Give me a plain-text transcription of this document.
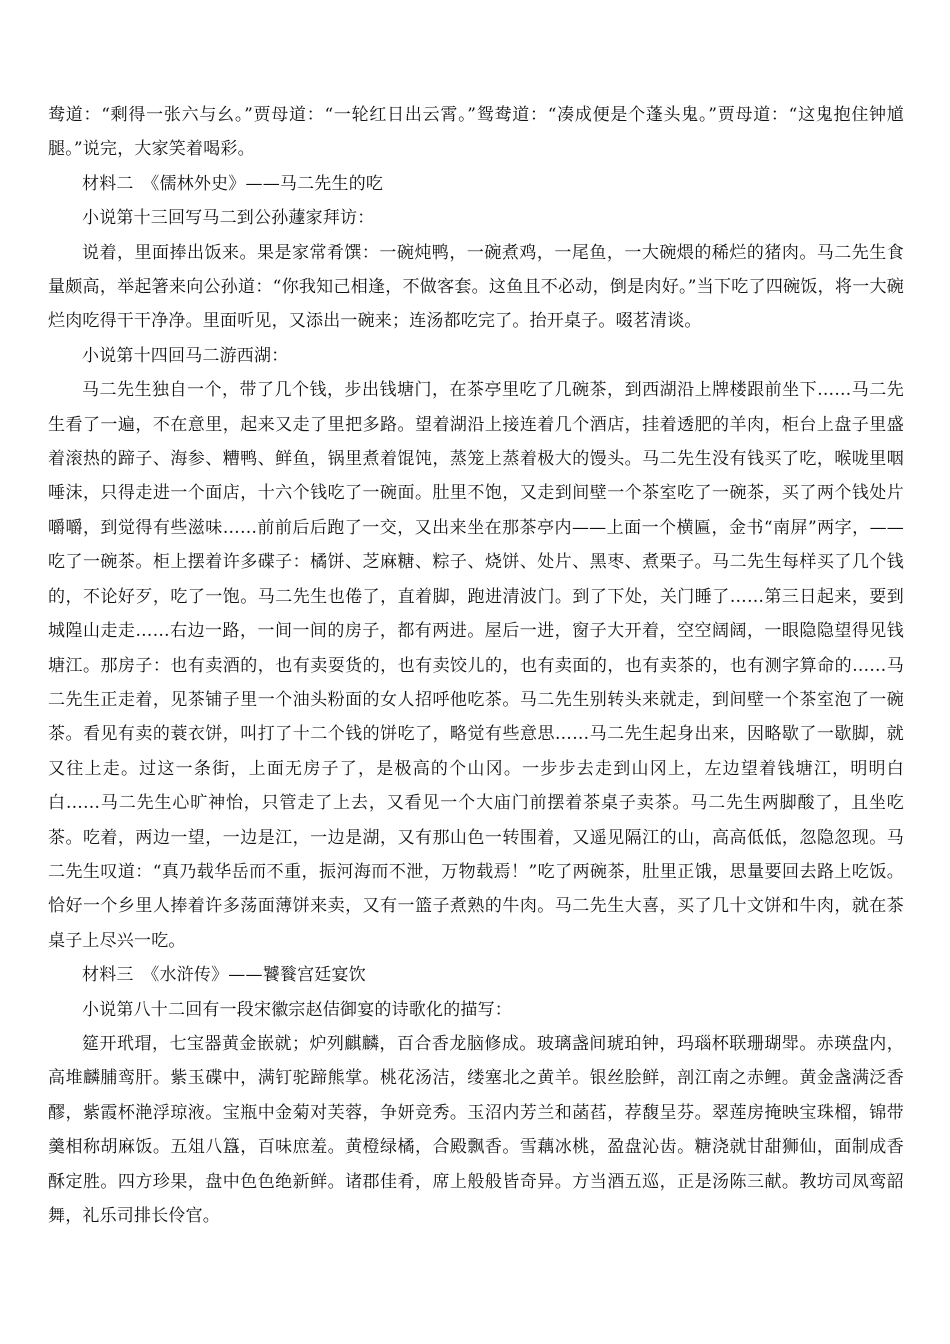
鸯道：“剩得一张六与幺。”贾母道：“一轮红日出云霄。”鸳鸯道：“凑成便是个蓬头鬼。”贾母道：“这鬼抱住钟馗腿。”说完，大家笑着喝彩。

材料二　《儒林外史》——马二先生的吃

小说第十三回写马二到公孙蘧家拜访：

说着，里面捧出饭来。果是家常肴馔：一碗炖鸭，一碗煮鸡，一尾鱼，一大碗煨的稀烂的猪肉。马二先生食量颇高，举起箸来向公孙道：“你我知己相逢，不做客套。这鱼且不必动，倒是肉好。”当下吃了四碗饭，将一大碗烂肉吃得干干净净。里面听见，又添出一碗来；连汤都吃完了。抬开桌子。啜茗清谈。

小说第十四回马二游西湖：

马二先生独自一个，带了几个钱，步出钱塘门，在茶亭里吃了几碗茶，到西湖沿上牌楼跟前坐下……马二先生看了一遍，不在意里，起来又走了里把多路。望着湖沿上接连着几个酒店，挂着透肥的羊肉，柜台上盘子里盛着滚热的蹄子、海参、糟鸭、鲜鱼，锅里煮着馄饨，蒸笼上蒸着极大的馒头。马二先生没有钱买了吃，喉咙里咽唾沫，只得走进一个面店，十六个钱吃了一碗面。肚里不饱，又走到间壁一个茶室吃了一碗茶，买了两个钱处片嚼嚼，到觉得有些滋味……前前后后跑了一交，又出来坐在那茶亭内——上面一个横匾，金书“南屏”两字，——吃了一碗茶。柜上摆着许多碟子：橘饼、芝麻糖、粽子、烧饼、处片、黑枣、煮栗子。马二先生每样买了几个钱的，不论好歹，吃了一饱。马二先生也倦了，直着脚，跑进清波门。到了下处，关门睡了……第三日起来，要到城隍山走走……右边一路，一间一间的房子，都有两进。屋后一进，窗子大开着，空空阔阔，一眼隐隐望得见钱塘江。那房子：也有卖酒的，也有卖耍货的，也有卖饺儿的，也有卖面的，也有卖茶的，也有测字算命的……马二先生正走着，见茶铺子里一个油头粉面的女人招呼他吃茶。马二先生别转头来就走，到间壁一个茶室泡了一碗茶。看见有卖的蓑衣饼，叫打了十二个钱的饼吃了，略觉有些意思……马二先生起身出来，因略歇了一歇脚，就又往上走。过这一条街，上面无房子了，是极高的个山冈。一步步去走到山冈上，左边望着钱塘江，明明白白……马二先生心旷神怡，只管走了上去，又看见一个大庙门前摆着茶桌子卖茶。马二先生两脚酸了，且坐吃茶。吃着，两边一望，一边是江，一边是湖，又有那山色一转围着，又遥见隔江的山，高高低低，忽隐忽现。马二先生叹道：“真乃载华岳而不重，振河海而不泄，万物载焉！”吃了两碗茶，肚里正饿，思量要回去路上吃饭。恰好一个乡里人捧着许多荡面薄饼来卖，又有一篮子煮熟的牛肉。马二先生大喜，买了几十文饼和牛肉，就在茶桌子上尽兴一吃。

材料三　《水浒传》——饕餮宫廷宴饮

小说第八十二回有一段宋徽宗赵佶御宴的诗歌化的描写：

筵开玳瑁，七宝器黄金嵌就；炉列麒麟，百合香龙脑修成。玻璃盏间琥珀钟，玛瑙杯联珊瑚斝。赤瑛盘内，高堆麟脯鸾肝。紫玉碟中，满钉驼蹄熊掌。桃花汤洁，缕塞北之黄羊。银丝脍鲜，剖江南之赤鲤。黄金盏满泛香醪，紫霞杯滟浮琼液。宝瓶中金菊对芙蓉，争妍竞秀。玉沼内芳兰和菡萏，荐馥呈芬。翠莲房掩映宝珠榴，锦带羹相称胡麻饭。五俎八簋，百味庶羞。黄橙绿橘，合殿飘香。雪藕冰桃，盈盘沁齿。糖浇就甘甜狮仙，面制成香酥定胜。四方珍果，盘中色色绝新鲜。诸郡佳肴，席上般般皆奇异。方当酒五巡，正是汤陈三献。教坊司凤鸾韶舞，礼乐司排长伶官。
